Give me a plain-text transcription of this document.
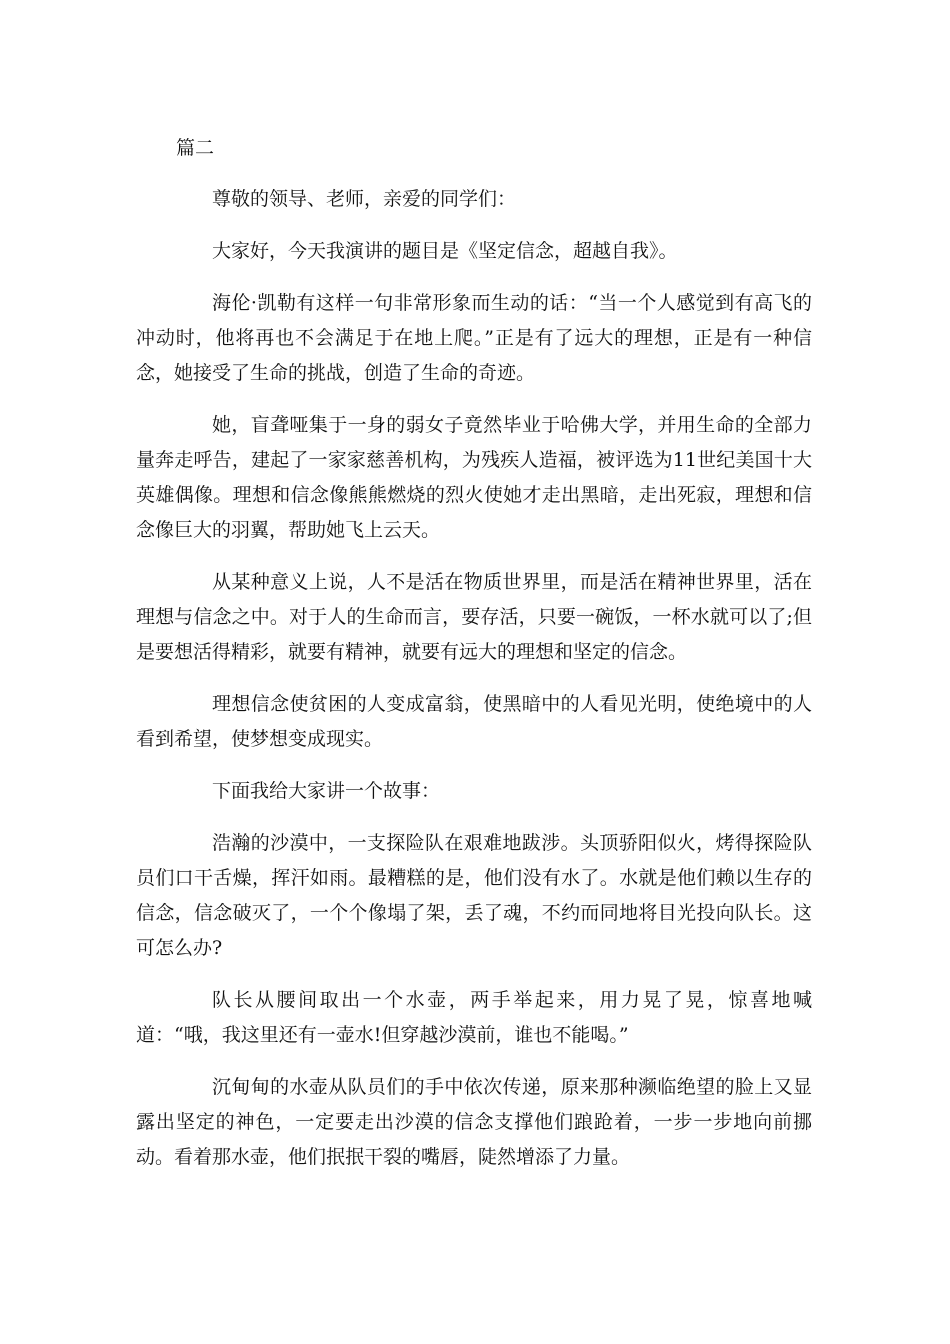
篇二

尊敬的领导、老师，亲爱的同学们：

大家好，今天我演讲的题目是《坚定信念，超越自我》。

海伦·凯勒有这样一句非常形象而生动的话：“当一个人感觉到有高飞的冲动时，他将再也不会满足于在地上爬。”正是有了远大的理想，正是有一种信念，她接受了生命的挑战，创造了生命的奇迹。

她，盲聋哑集于一身的弱女子竟然毕业于哈佛大学，并用生命的全部力量奔走呼告，建起了一家家慈善机构，为残疾人造福，被评选为11世纪美国十大英雄偶像。理想和信念像熊熊燃烧的烈火使她才走出黑暗，走出死寂，理想和信念像巨大的羽翼，帮助她飞上云天。

从某种意义上说，人不是活在物质世界里，而是活在精神世界里，活在理想与信念之中。对于人的生命而言，要存活，只要一碗饭，一杯水就可以了;但是要想活得精彩，就要有精神，就要有远大的理想和坚定的信念。

理想信念使贫困的人变成富翁，使黑暗中的人看见光明，使绝境中的人看到希望，使梦想变成现实。

下面我给大家讲一个故事：

浩瀚的沙漠中，一支探险队在艰难地跋涉。头顶骄阳似火，烤得探险队员们口干舌燥，挥汗如雨。最糟糕的是，他们没有水了。水就是他们赖以生存的信念，信念破灭了，一个个像塌了架，丢了魂，不约而同地将目光投向队长。这可怎么办?

队长从腰间取出一个水壶，两手举起来，用力晃了晃，惊喜地喊道：“哦，我这里还有一壶水!但穿越沙漠前，谁也不能喝。”

沉甸甸的水壶从队员们的手中依次传递，原来那种濒临绝望的脸上又显露出坚定的神色，一定要走出沙漠的信念支撑他们踉跄着，一步一步地向前挪动。看着那水壶，他们抿抿干裂的嘴唇，陡然增添了力量。
